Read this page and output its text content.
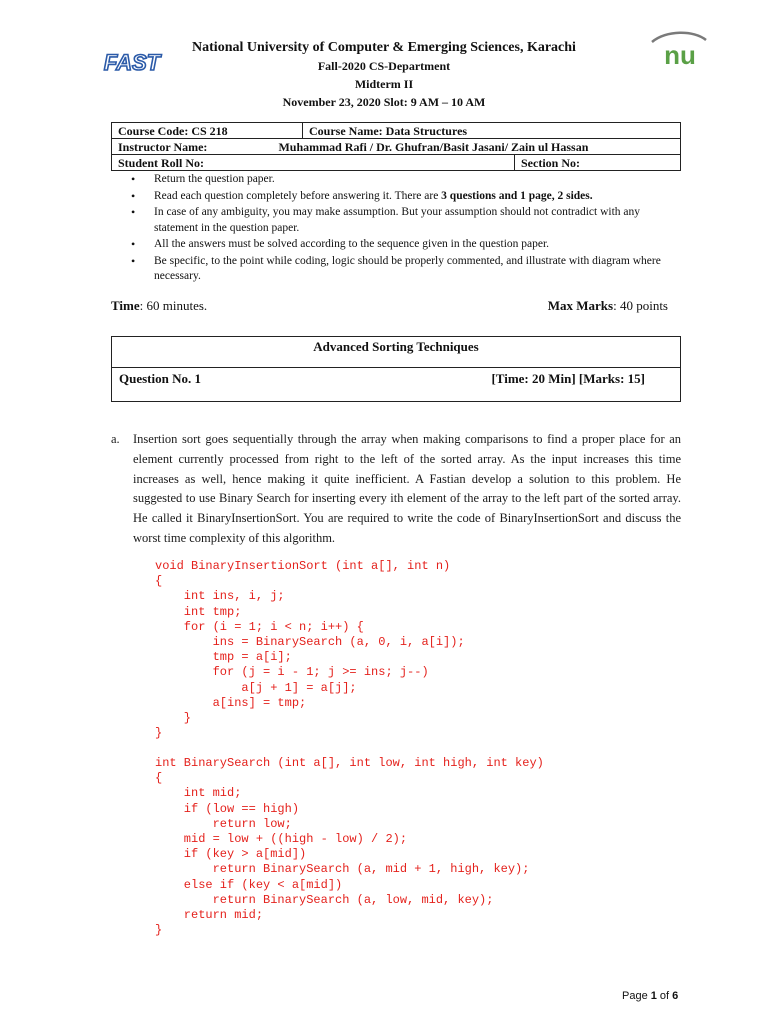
FAST	nu
National University of Computer & Emerging Sciences, Karachi
Fall-2020 CS-Department
Midterm II
November 23, 2020 Slot: 9 AM – 10 AM
Course Code: CS 218	Course Name: Data Structures	
Instructor Name: Muhammad Rafi / Dr. Ghufran/Basit Jasani/ Zain ul Hassan		
Student Roll No:		Section No:
• Return the question paper.
• Read each question completely before answering it. There are 3 questions and 1 page, 2 sides.
• In case of any ambiguity, you may make assumption. But your assumption should not contradict with any statement in the question paper.
• All the answers must be solved according to the sequence given in the question paper.
• Be specific, to the point while coding, logic should be properly commented, and illustrate with diagram where necessary.
Time: 60 minutes.	Max Marks: 40 points
Advanced Sorting Techniques
Question No. 1	[Time: 20 Min] [Marks: 15]
a. Insertion sort goes sequentially through the array when making comparisons to find a proper place for an element currently processed from right to the left of the sorted array. As the input increases this time increases as well, hence making it quite inefficient. A Fastian develop a solution to this problem. He suggested to use Binary Search for inserting every ith element of the array to the left part of the sorted array. He called it BinaryInsertionSort. You are required to write the code of BinaryInsertionSort and discuss the worst time complexity of this algorithm.
void BinaryInsertionSort (int a[], int n)
{
int ins, i, j;
int tmp;
for (i = 1; i < n; i++) {
ins = BinarySearch (a, 0, i, a[i]);
tmp = a[i];
for (j = i - 1; j >= ins; j--)
a[j + 1] = a[j];
a[ins] = tmp;
}
}
int BinarySearch (int a[], int low, int high, int key)
{
int mid;
if (low == high)
return low;
mid = low + ((high - low) / 2);
if (key > a[mid])
return BinarySearch (a, mid + 1, high, key);
else if (key < a[mid])
return BinarySearch (a, low, mid, key);
return mid;
}
Page 1 of 6
